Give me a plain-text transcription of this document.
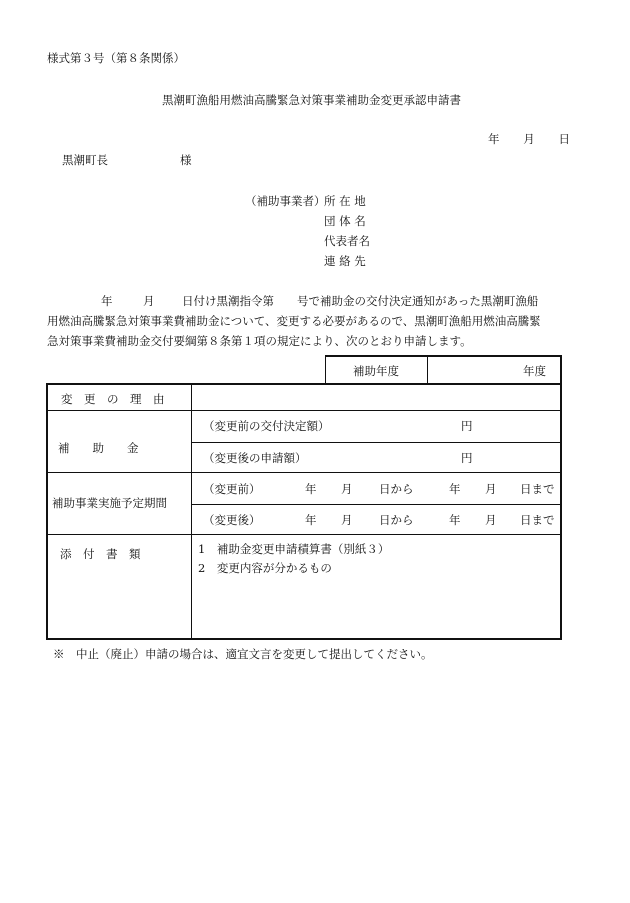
様式第３号（第８条関係）
黒潮町漁船用燃油高騰緊急対策事業補助金変更承認申請書
年 月 日
黒潮町長	様
（補助事業者）
所 在 地
団 体 名
代表者名
連 絡 先
年	月 日付け黒潮指令第　　号で補助金の交付決定通知があった黒潮町漁船
用燃油高騰緊急対策事業費補助金について、変更する必要があるので、黒潮町漁船用燃油高騰緊
急対策事業費補助金交付要綱第８条第１項の規定により、次のとおり申請します。
補助年度	年度
変　更　の　理　由
補　　助　　金
（変更前の交付決定額）	円
（変更後の申請額）	円
補助事業実施予定期間
（変更前）	年 月 日から	年 月 日まで
（変更後）	年 月 日から	年 月 日まで
添　付　書　類	1　補助金変更申請積算書（別紙３）
2　変更内容が分かるもの
※　中止（廃止）申請の場合は、適宜文言を変更して提出してください。
